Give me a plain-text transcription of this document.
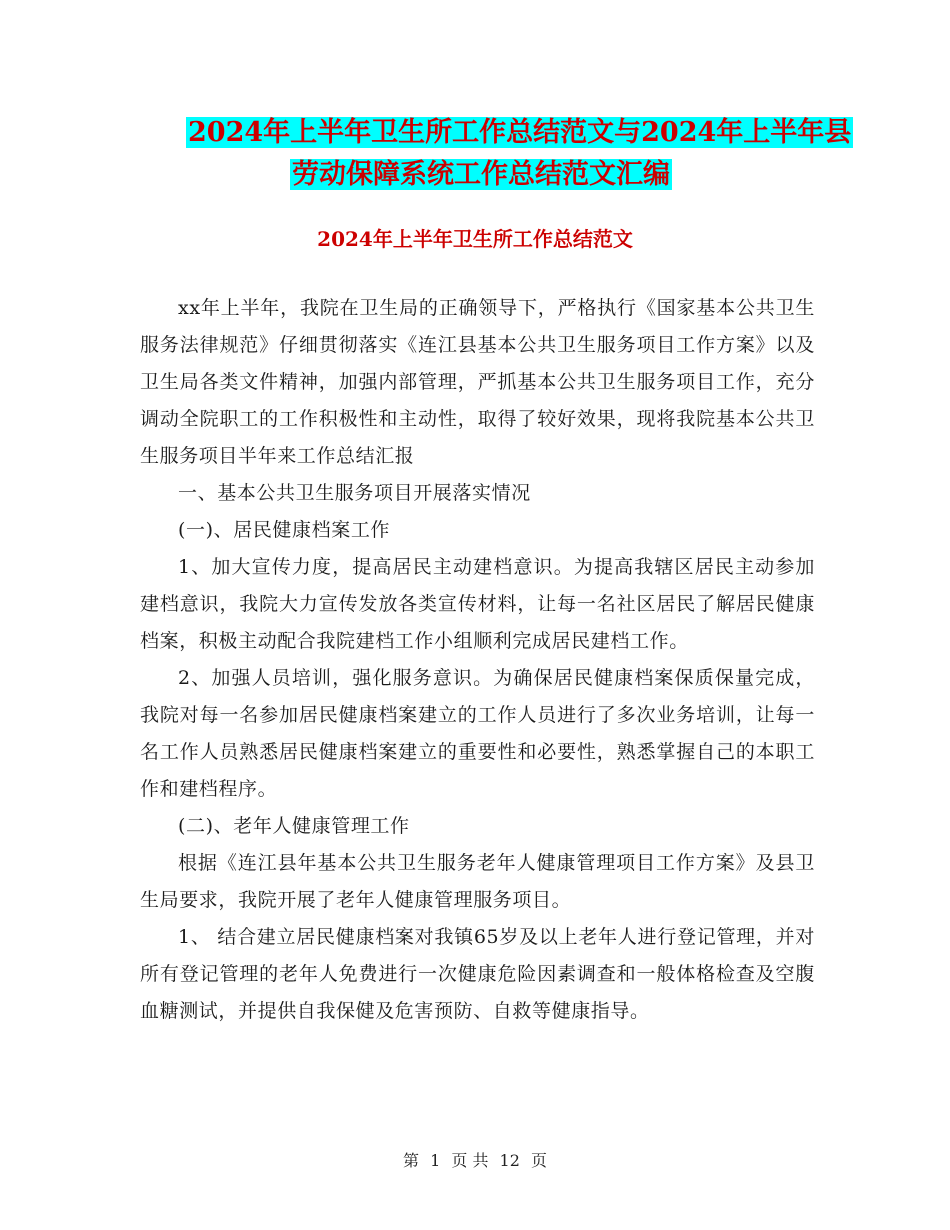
2024年上半年卫生所工作总结范文与2024年上半年县
劳动保障系统工作总结范文汇编
2024年上半年卫生所工作总结范文

xx年上半年，我院在卫生局的正确领导下，严格执行《国家基本公共卫生服务法律规范》仔细贯彻落实《连江县基本公共卫生服务项目工作方案》以及卫生局各类文件精神，加强内部管理，严抓基本公共卫生服务项目工作，充分调动全院职工的工作积极性和主动性，取得了较好效果，现将我院基本公共卫生服务项目半年来工作总结汇报

一、基本公共卫生服务项目开展落实情况

(一)、居民健康档案工作

1、加大宣传力度，提高居民主动建档意识。为提高我辖区居民主动参加建档意识，我院大力宣传发放各类宣传材料，让每一名社区居民了解居民健康档案，积极主动配合我院建档工作小组顺利完成居民建档工作。

2、加强人员培训，强化服务意识。为确保居民健康档案保质保量完成，我院对每一名参加居民健康档案建立的工作人员进行了多次业务培训，让每一名工作人员熟悉居民健康档案建立的重要性和必要性，熟悉掌握自己的本职工作和建档程序。

(二)、老年人健康管理工作

根据《连江县年基本公共卫生服务老年人健康管理项目工作方案》及县卫生局要求，我院开展了老年人健康管理服务项目。

1、 结合建立居民健康档案对我镇65岁及以上老年人进行登记管理，并对所有登记管理的老年人免费进行一次健康危险因素调查和一般体格检查及空腹血糖测试，并提供自我保健及危害预防、自救等健康指导。

第 1 页 共 12 页
